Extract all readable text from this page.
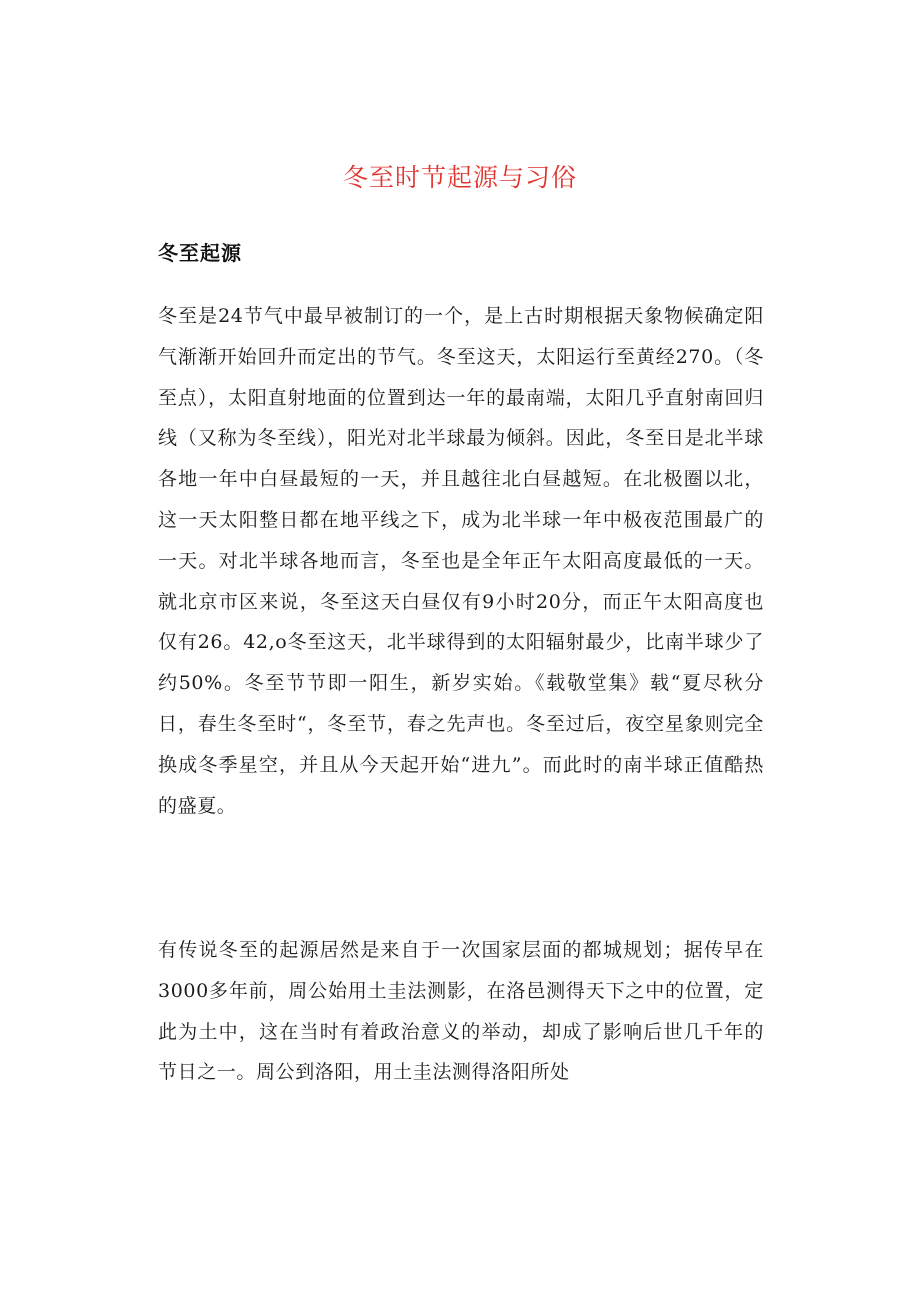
冬至时节起源与习俗
冬至起源

冬至是24节气中最早被制订的一个，是上古时期根据天象物候确定阳气渐渐开始回升而定出的节气。冬至这天，太阳运行至黄经270。（冬至点），太阳直射地面的位置到达一年的最南端，太阳几乎直射南回归线（又称为冬至线），阳光对北半球最为倾斜。因此，冬至日是北半球各地一年中白昼最短的一天，并且越往北白昼越短。在北极圈以北，这一天太阳整日都在地平线之下，成为北半球一年中极夜范围最广的一天。对北半球各地而言，冬至也是全年正午太阳高度最低的一天。就北京市区来说，冬至这天白昼仅有9小时20分，而正午太阳高度也仅有26。42,o冬至这天，北半球得到的太阳辐射最少，比南半球少了约50%。冬至节节即一阳生，新岁实始。《载敬堂集》载“夏尽秋分日，春生冬至时“，冬至节，春之先声也。冬至过后，夜空星象则完全换成冬季星空，并且从今天起开始“进九”。而此时的南半球正值酷热的盛夏。

有传说冬至的起源居然是来自于一次国家层面的都城规划；据传早在3000多年前，周公始用土圭法测影，在洛邑测得天下之中的位置，定此为土中，这在当时有着政治意义的举动，却成了影响后世几千年的节日之一。周公到洛阳，用土圭法测得洛阳所处
